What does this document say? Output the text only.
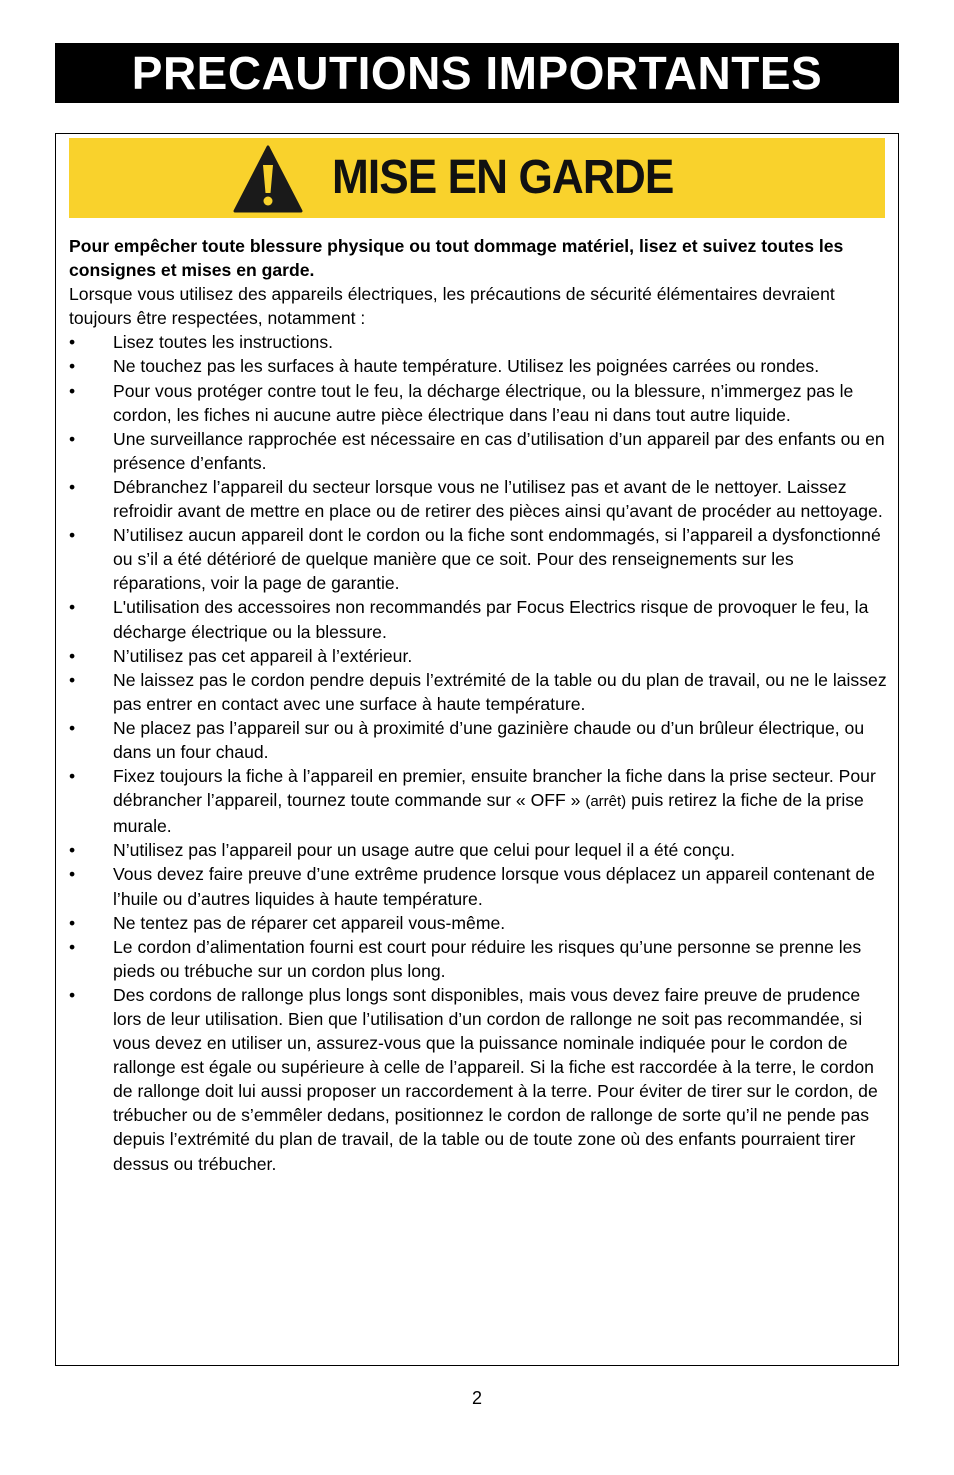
PRECAUTIONS IMPORTANTES
MISE EN GARDE

Pour empêcher toute blessure physique ou tout dommage matériel, lisez et suivez toutes les consignes et mises en garde.

Lorsque vous utilisez des appareils électriques, les précautions de sécurité élémentaires devraient toujours être respectées, notamment :

• Lisez toutes les instructions.
• Ne touchez pas les surfaces à haute température. Utilisez les poignées carrées ou rondes.
• Pour vous protéger contre tout le feu, la décharge électrique, ou la blessure, n’immergez pas le cordon, les fiches ni aucune autre pièce électrique dans l’eau ni dans tout autre liquide.
• Une surveillance rapprochée est nécessaire en cas d’utilisation d’un appareil par des enfants ou en présence d’enfants.
• Débranchez l’appareil du secteur lorsque vous ne l’utilisez pas et avant de le nettoyer. Laissez refroidir avant de mettre en place ou de retirer des pièces ainsi qu’avant de procéder au nettoyage.
• N’utilisez aucun appareil dont le cordon ou la fiche sont endommagés, si l’appareil a dysfonctionné ou s’il a été détérioré de quelque manière que ce soit. Pour des renseignements sur les réparations, voir la page de garantie.
• L'utilisation des accessoires non recommandés par Focus Electrics risque de provoquer le feu, la décharge électrique ou la blessure.
• N’utilisez pas cet appareil à l’extérieur.
• Ne laissez pas le cordon pendre depuis l’extrémité de la table ou du plan de travail, ou ne le laissez pas entrer en contact avec une surface à haute température.
• Ne placez pas l’appareil sur ou à proximité d’une gazinière chaude ou d’un brûleur électrique, ou dans un four chaud.
• Fixez toujours la fiche à l’appareil en premier, ensuite brancher la fiche dans la prise secteur. Pour débrancher l’appareil, tournez toute commande sur « OFF » (arrêt) puis retirez la fiche de la prise murale.
• N’utilisez pas l’appareil pour un usage autre que celui pour lequel il a été conçu.
• Vous devez faire preuve d’une extrême prudence lorsque vous déplacez un appareil contenant de l’huile ou d’autres liquides à haute température.
• Ne tentez pas de réparer cet appareil vous-même.
• Le cordon d’alimentation fourni est court pour réduire les risques qu’une personne se prenne les pieds ou trébuche sur un cordon plus long.
• Des cordons de rallonge plus longs sont disponibles, mais vous devez faire preuve de prudence lors de leur utilisation. Bien que l’utilisation d’un cordon de rallonge ne soit pas recommandée, si vous devez en utiliser un, assurez-vous que la puissance nominale indiquée pour le cordon de rallonge est égale ou supérieure à celle de l’appareil. Si la fiche est raccordée à la terre, le cordon de rallonge doit lui aussi proposer un raccordement à la terre. Pour éviter de tirer sur le cordon, de trébucher ou de s’emmêler dedans, positionnez le cordon de rallonge de sorte qu’il ne pende pas depuis l’extrémité du plan de travail, de la table ou de toute zone où des enfants pourraient tirer dessus ou trébucher.
2
